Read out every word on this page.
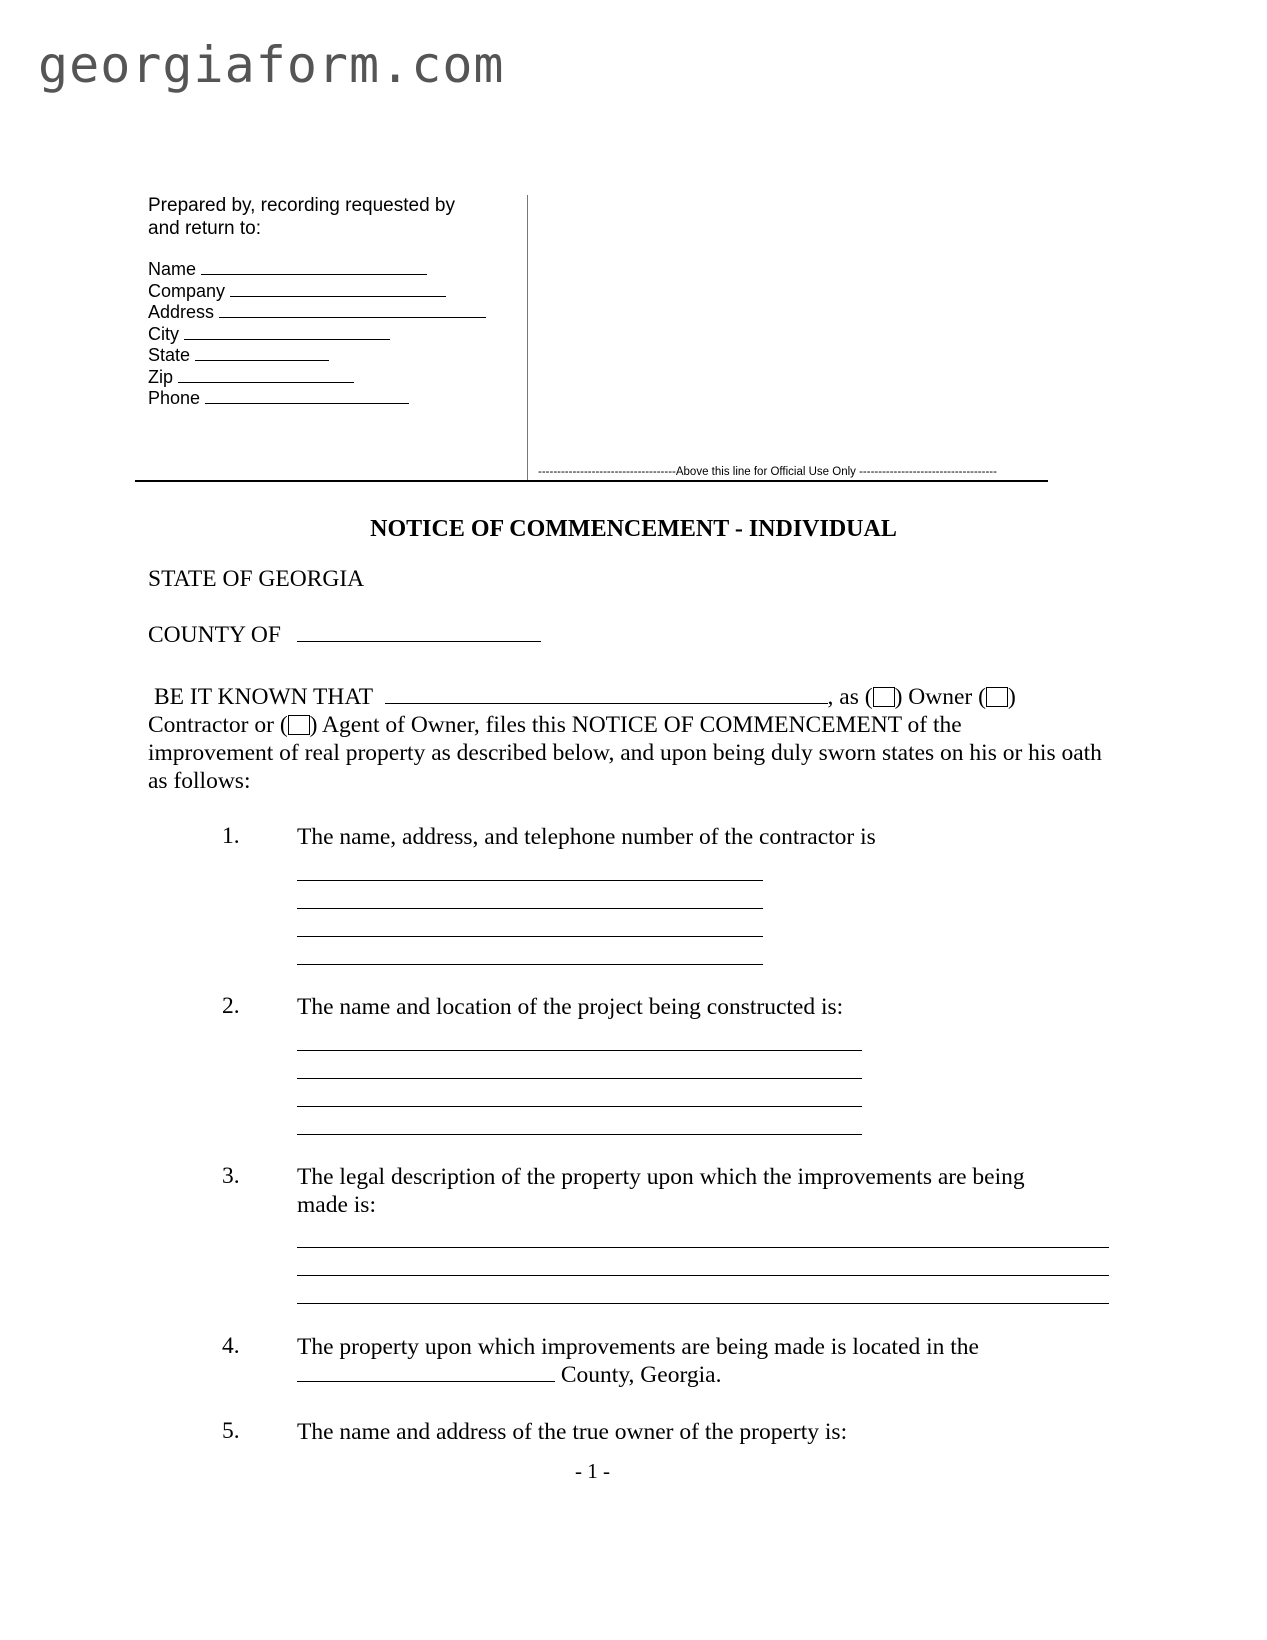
georgiaform.com
Prepared by, recording requested by
and return to:
Name
Company
Address
City
State
Zip
Phone
------------------------------------Above this line for Official Use Only ------------------------------------
NOTICE OF COMMENCEMENT - INDIVIDUAL
STATE OF GEORGIA
COUNTY OF
BE IT KNOWN THAT	, as ( ) Owner ( )
Contractor or ( ) Agent of Owner, files this NOTICE OF COMMENCEMENT of the
improvement of real property as described below, and upon being duly sworn states on his or his oath as follows:
1. The name, address, and telephone number of the contractor is
2. The name and location of the project being constructed is:
3. The legal description of the property upon which the improvements are being made is:
4. The property upon which improvements are being made is located in the
County, Georgia.
5. The name and address of the true owner of the property is:
- 1 -
